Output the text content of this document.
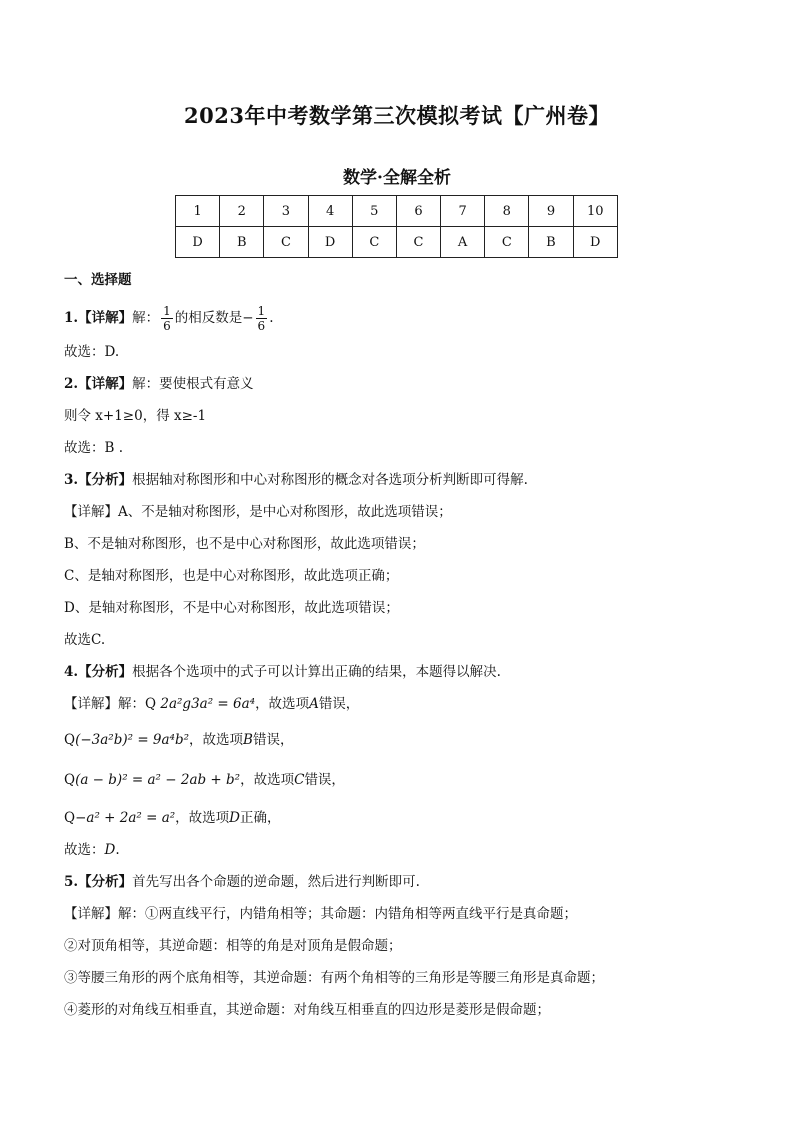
2023年中考数学第三次模拟考试【广州卷】
数学·全解全析
1	2	3	4	5	6	7	8	9	10
D	B	C	D	C	C	A	C	B	D
一、选择题
1.【详解】解： $\frac{1}{6}$ 的相反数是− $\frac{1}{6}$ .
故选：D.
2.【详解】解：要使根式有意义
则令 x+1≥0，得 x≥-1
故选：B .
3.【分析】根据轴对称图形和中心对称图形的概念对各选项分析判断即可得解.
【详解】A、不是轴对称图形，是中心对称图形，故此选项错误；
B、不是轴对称图形，也不是中心对称图形，故此选项错误；
C、是轴对称图形，也是中心对称图形，故此选项正确；
D、是轴对称图形，不是中心对称图形，故此选项错误；
故选C.
4.【分析】根据各个选项中的式子可以计算出正确的结果，本题得以解决.
【详解】解：Q 2a²g3a² = 6a⁴，故选项A错误，
Q(−3a²b)² = 9a⁴b²，故选项B错误，
Q(a − b)² = a² − 2ab + b²，故选项C错误，
Q−a² + 2a² = a²，故选项D正确，
故选：D.
5.【分析】首先写出各个命题的逆命题，然后进行判断即可.
【详解】解：①两直线平行，内错角相等；其命题：内错角相等两直线平行是真命题；
②对顶角相等，其逆命题：相等的角是对顶角是假命题；
③等腰三角形的两个底角相等，其逆命题：有两个角相等的三角形是等腰三角形是真命题；
④菱形的对角线互相垂直，其逆命题：对角线互相垂直的四边形是菱形是假命题；
